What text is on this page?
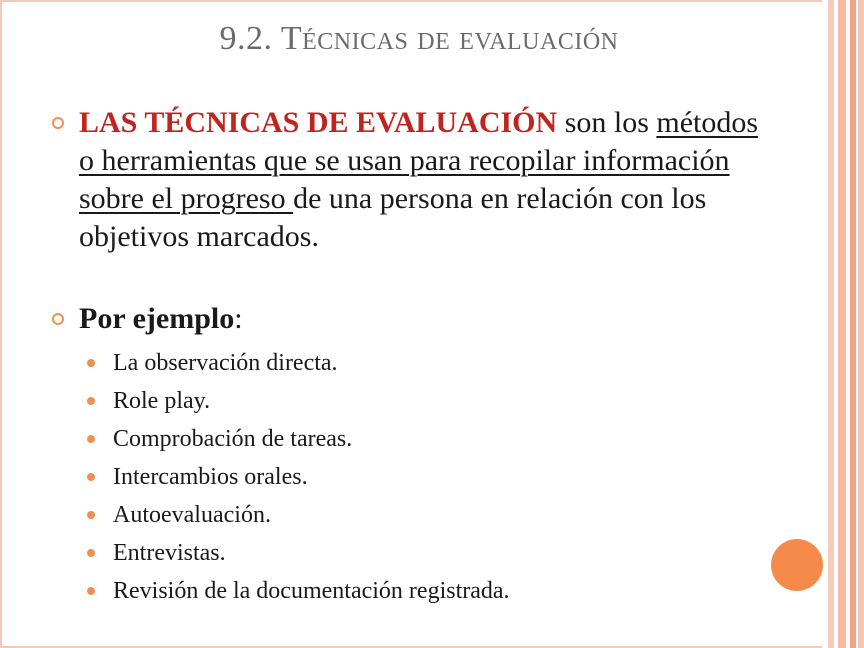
9.2. Técnicas de evaluación
LAS TÉCNICAS DE EVALUACIÓN son los métodos o herramientas que se usan para recopilar información sobre el progreso de una persona en relación con los objetivos marcados.
Por ejemplo:
La observación directa.
Role play.
Comprobación de tareas.
Intercambios orales.
Autoevaluación.
Entrevistas.
Revisión de la documentación registrada.
